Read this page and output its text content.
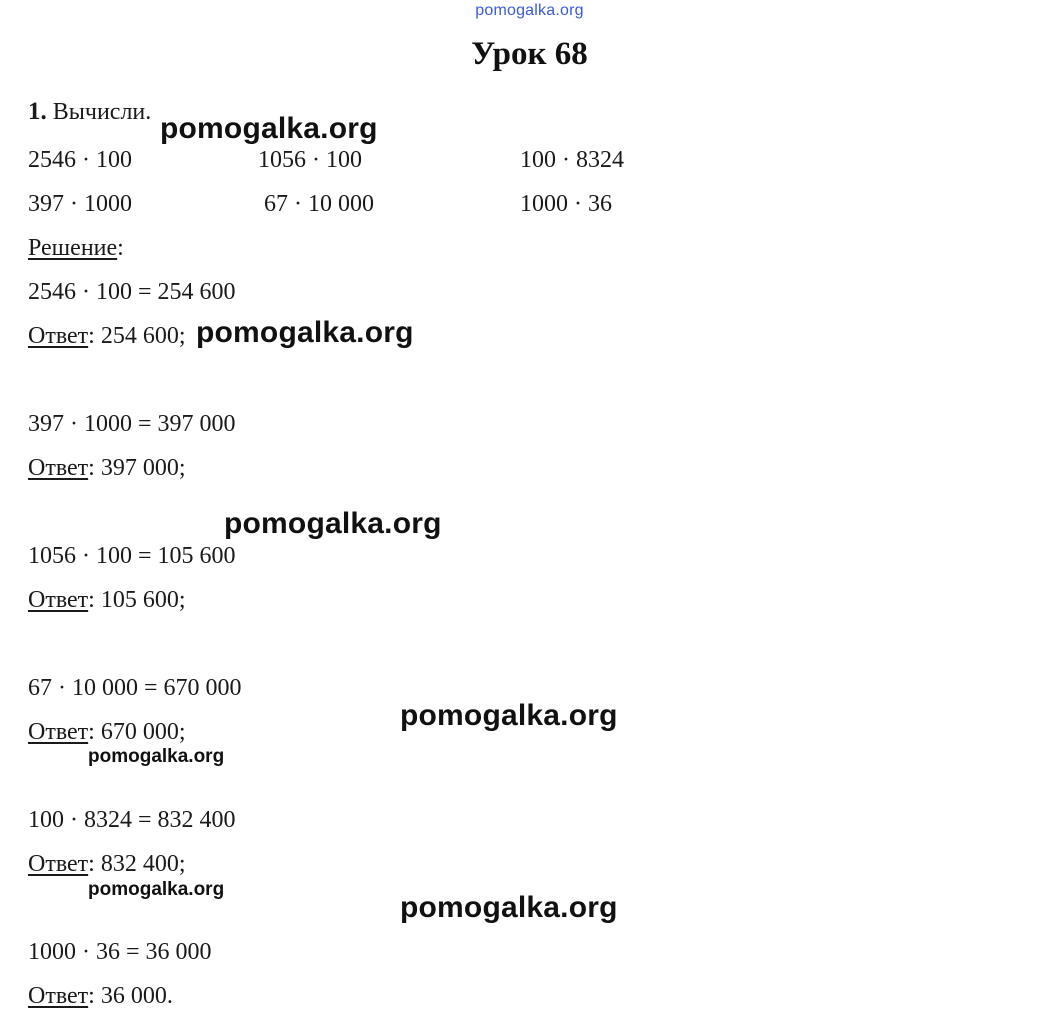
pomogalka.org
Урок 68
1. Вычисли.
2546 · 100	1056 · 100	100 · 8324
397 · 1000	67 · 10 000	1000 · 36
Решение:
2546 · 100 = 254 600
Ответ: 254 600;
397 · 1000 = 397 000
Ответ: 397 000;
1056 · 100 = 105 600
Ответ: 105 600;
67 · 10 000 = 670 000
Ответ: 670 000;
100 · 8324 = 832 400
Ответ: 832 400;
1000 · 36 = 36 000
Ответ: 36 000.
pomogalka.org
pomogalka.org
pomogalka.org
pomogalka.org
pomogalka.org
pomogalka.org
pomogalka.org
